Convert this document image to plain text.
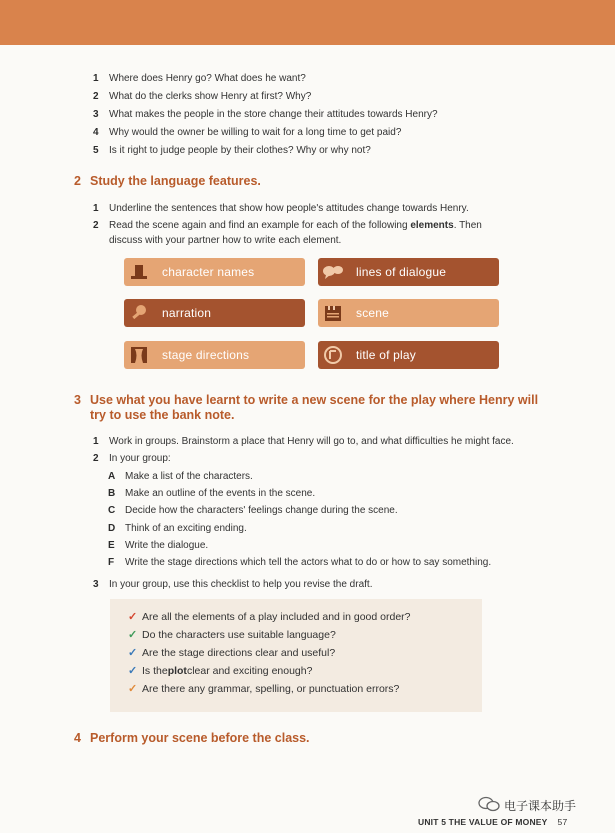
1	Where does Henry go? What does he want?
2	What do the clerks show Henry at first? Why?
3	What makes the people in the store change their attitudes towards Henry?
4	Why would the owner be willing to wait for a long time to get paid?
5	Is it right to judge people by their clothes? Why or why not?
2 Study the language features.
1 Underline the sentences that show how people's attitudes change towards Henry.
2 Read the scene again and find an example for each of the following elements. Then
discuss with your partner how to write each element.
character names	lines of dialogue
narration	scene
stage directions	title of play
3 Use what you have learnt to write a new scene for the play where Henry will
try to use the bank note.
1 Work in groups. Brainstorm a place that Henry will go to, and what difficulties he might face.
2 In your group:
A Make a list of the characters.
B Make an outline of the events in the scene.
C Decide how the characters' feelings change during the scene.
D Think of an exciting ending.
E	Write the dialogue.
F	Write the stage directions which tell the actors what to do or how to say something.
3 In your group, use this checklist to help you revise the draft.
✓ Are all the elements of a play included and in good order?
✓ Do the characters use suitable language?
✓ Are the stage directions clear and useful?
✓ Is the plot clear and exciting enough?
✓ Are there any grammar, spelling, or punctuation errors?
4 Perform your scene before the class.
电子课本助手
UNIT 5 THE VALUE OF MONEY 57
